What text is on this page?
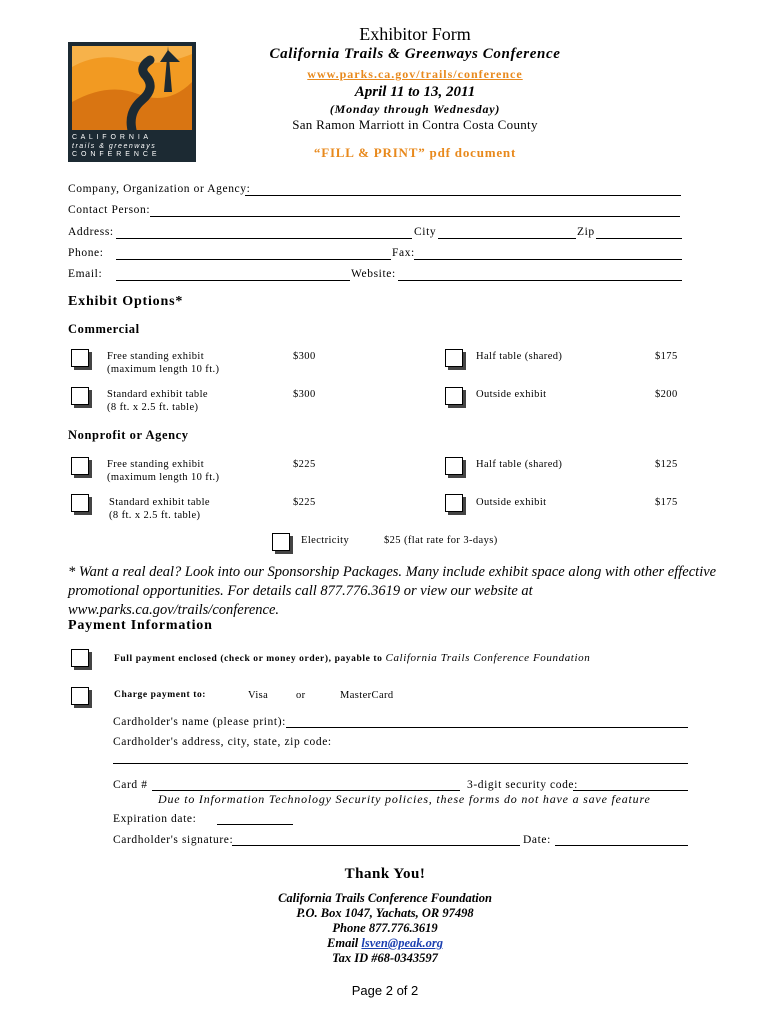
C A L I F O R N I A
trails & greenways
C O N F E R E N C E
Exhibitor Form
California Trails & Greenways Conference
www.parks.ca.gov/trails/conference
April 11 to 13, 2011
(Monday through Wednesday)
San Ramon Marriott in Contra Costa County
“FILL & PRINT” pdf document
Company, Organization or Agency:
Contact Person:
Address:	City	Zip
Phone:	Fax:
Email:	Website:
Exhibit Options*
Commercial
Free standing exhibit
(maximum length 10 ft.)
$300	Half table (shared)	$175
Standard exhibit table
(8 ft. x 2.5 ft. table)
$300	Outside exhibit	$200
Nonprofit or Agency
Free standing exhibit
(maximum length 10 ft.)
$225	Half table (shared)	$125
Standard exhibit table
(8 ft. x 2.5 ft. table)
$225	Outside exhibit	$175
Electricity	$25 (flat rate for 3-days)
* Want a real deal? Look into our Sponsorship Packages. Many include exhibit space along with other effective
promotional opportunities. For details call 877.776.3619 or view our website at www.parks.ca.gov/trails/conference.
Payment Information
Full payment enclosed (check or money order), payable to California Trails Conference Foundation
Charge payment to:	Visa	or	MasterCard
Cardholder's name (please print):
Cardholder's address, city, state, zip code:
Card #	3-digit security code:
Due to Information Technology Security policies, these forms do not have a save feature
Expiration date:
Cardholder's signature:	Date:
Thank You!
California Trails Conference Foundation
P.O. Box 1047, Yachats, OR 97498
Phone 877.776.3619
Email lsven@peak.org
Tax ID #68-0343597
Page 2 of 2
